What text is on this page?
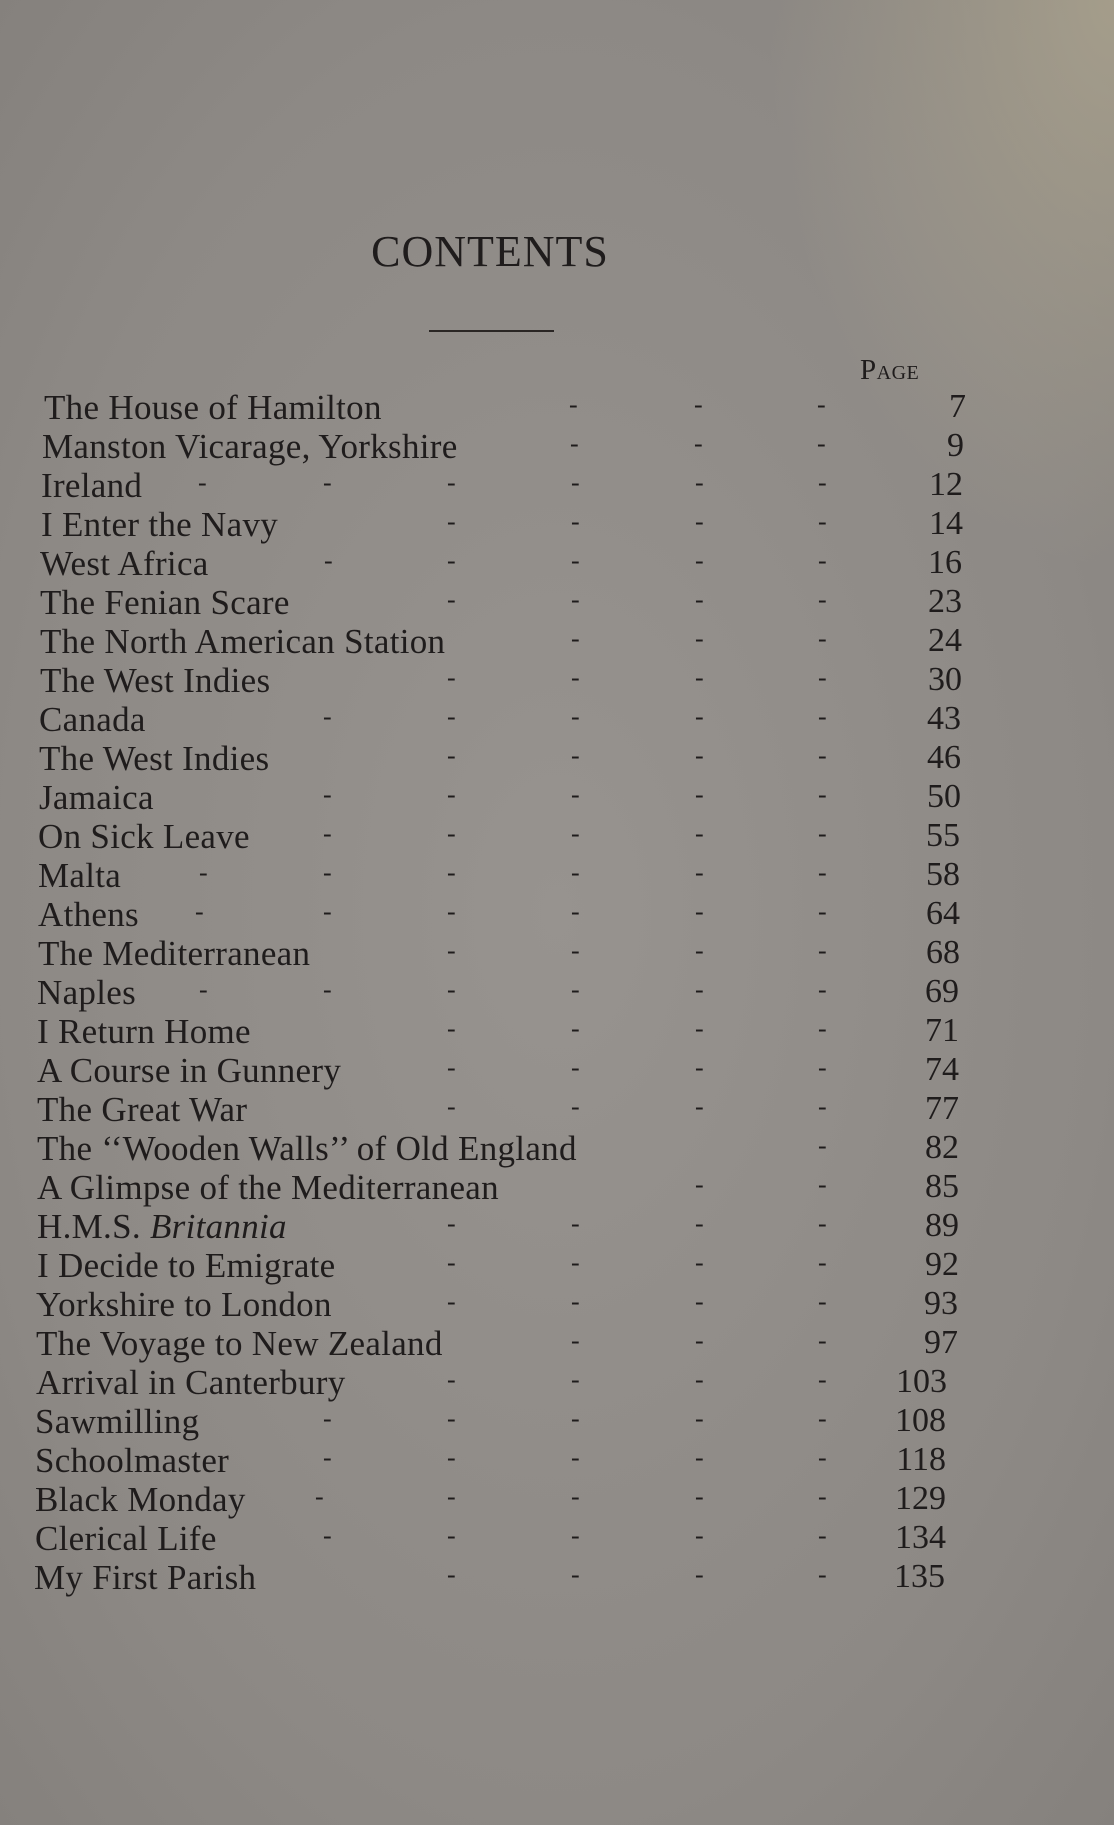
CONTENTS
Page
The House of Hamilton	-	-	-	7
Manston Vicarage, Yorkshire	-	-	-	9
Ireland -	-	-	-	-	-	12
I Enter the Navy	-	-	-	-	14
West Africa	-	-	-	-	-	16
The Fenian Scare	-	-	-	-	23
The North American Station	-	-	-	24
The West Indies	-	-	-	-	30
Canada	-	-	-	-	-	43
The West Indies	-	-	-	-	46
Jamaica	-	-	-	-	-	50
On Sick Leave	-	-	-	-	-	55
Malta	-	-	-	-	-	-	58
Athens -	-	-	-	-	-	64
The Mediterranean	-	-	-	-	68
Naples -	-	-	-	-	-	69
I Return Home	-	-	-	-	71
A Course in Gunnery	-	-	-	-	74
The Great War	-	-	-	-	77
The ‘‘Wooden Walls’’ of Old England	-	82
A Glimpse of the Mediterranean	-	-	85
H.M.S. Britannia	-	-	-	-	89
I Decide to Emigrate	-	-	-	-	92
Yorkshire to London	-	-	-	-	93
The Voyage to New Zealand	-	-	-	97
Arrival in Canterbury	-	-	-	-	103
Sawmilling	-	-	-	-	-	108
Schoolmaster	-	-	-	-	-	118
Black Monday	-	-	-	-	-	129
Clerical Life	-	-	-	-	-	134
My First Parish	-	-	-	-	135
